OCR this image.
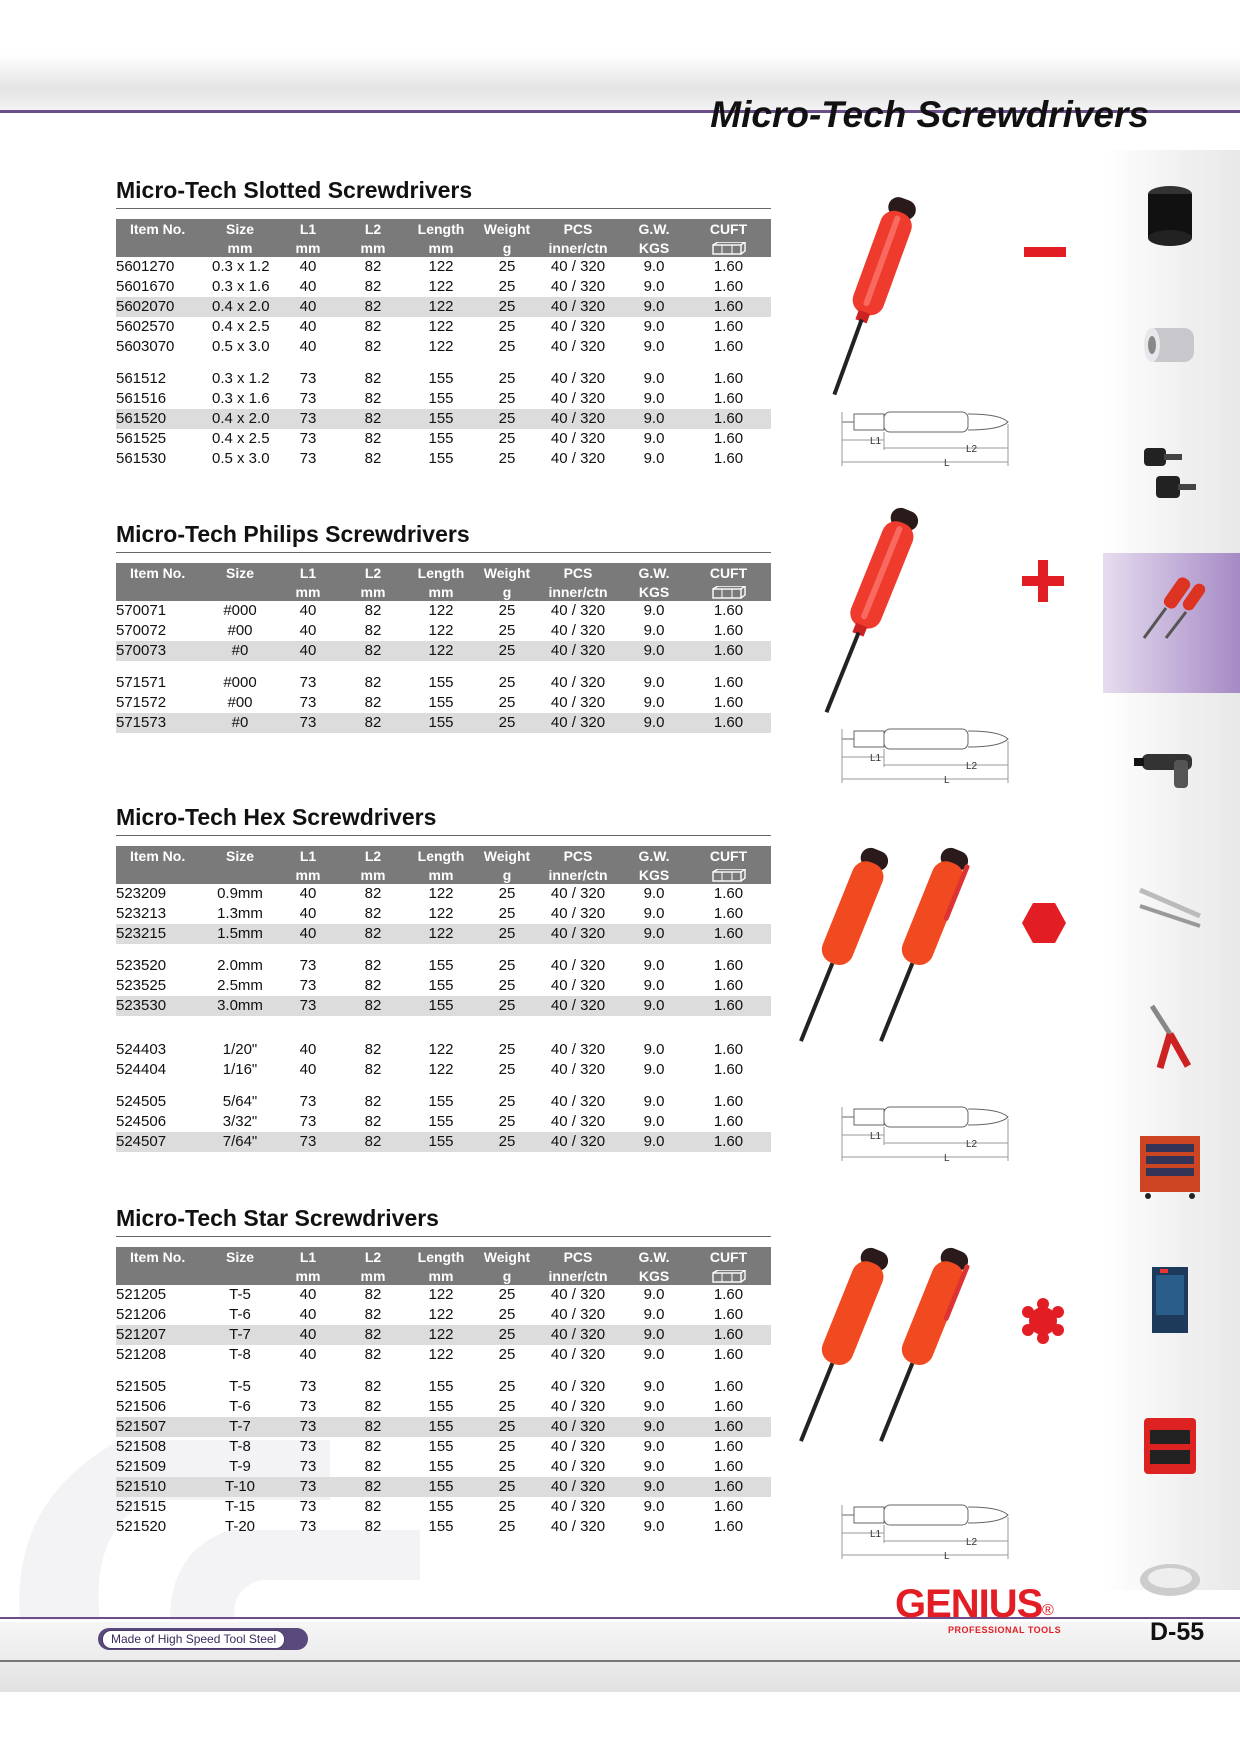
Micro-Tech Screwdrivers
Micro-Tech Slotted Screwdrivers
Item No.	Size	L1	L2	Length	Weight	PCS	G.W.	CUFT
	mm	mm	mm	mm	g	inner/ctn	KGS	
5601270	0.3 x 1.2	40	82	122	25	40 / 320	9.0	1.60
5601670	0.3 x 1.6	40	82	122	25	40 / 320	9.0	1.60
5602070	0.4 x 2.0	40	82	122	25	40 / 320	9.0	1.60
5602570	0.4 x 2.5	40	82	122	25	40 / 320	9.0	1.60
5603070	0.5 x 3.0	40	82	122	25	40 / 320	9.0	1.60

561512	0.3 x 1.2	73	82	155	25	40 / 320	9.0	1.60
561516	0.3 x 1.6	73	82	155	25	40 / 320	9.0	1.60
561520	0.4 x 2.0	73	82	155	25	40 / 320	9.0	1.60
561525	0.4 x 2.5	73	82	155	25	40 / 320	9.0	1.60
561530	0.5 x 3.0	73	82	155	25	40 / 320	9.0	1.60
Micro-Tech Philips Screwdrivers
Item No.	Size	L1	L2	Length	Weight	PCS	G.W.	CUFT
		mm	mm	mm	g	inner/ctn	KGS	
570071	#000	40	82	122	25	40 / 320	9.0	1.60
570072	#00	40	82	122	25	40 / 320	9.0	1.60
570073	#0	40	82	122	25	40 / 320	9.0	1.60

571571	#000	73	82	155	25	40 / 320	9.0	1.60
571572	#00	73	82	155	25	40 / 320	9.0	1.60
571573	#0	73	82	155	25	40 / 320	9.0	1.60
Micro-Tech Hex Screwdrivers
Item No.	Size	L1	L2	Length	Weight	PCS	G.W.	CUFT
		mm	mm	mm	g	inner/ctn	KGS	
523209	0.9mm	40	82	122	25	40 / 320	9.0	1.60
523213	1.3mm	40	82	122	25	40 / 320	9.0	1.60
523215	1.5mm	40	82	122	25	40 / 320	9.0	1.60

523520	2.0mm	73	82	155	25	40 / 320	9.0	1.60
523525	2.5mm	73	82	155	25	40 / 320	9.0	1.60
523530	3.0mm	73	82	155	25	40 / 320	9.0	1.60

524403	1/20"	40	82	122	25	40 / 320	9.0	1.60
524404	1/16"	40	82	122	25	40 / 320	9.0	1.60

524505	5/64"	73	82	155	25	40 / 320	9.0	1.60
524506	3/32"	73	82	155	25	40 / 320	9.0	1.60
524507	7/64"	73	82	155	25	40 / 320	9.0	1.60
Micro-Tech Star Screwdrivers
Item No.	Size	L1	L2	Length	Weight	PCS	G.W.	CUFT
		mm	mm	mm	g	inner/ctn	KGS	
521205	T-5	40	82	122	25	40 / 320	9.0	1.60
521206	T-6	40	82	122	25	40 / 320	9.0	1.60
521207	T-7	40	82	122	25	40 / 320	9.0	1.60
521208	T-8	40	82	122	25	40 / 320	9.0	1.60

521505	T-5	73	82	155	25	40 / 320	9.0	1.60
521506	T-6	73	82	155	25	40 / 320	9.0	1.60
521507	T-7	73	82	155	25	40 / 320	9.0	1.60
521508	T-8	73	82	155	25	40 / 320	9.0	1.60
521509	T-9	73	82	155	25	40 / 320	9.0	1.60
521510	T-10	73	82	155	25	40 / 320	9.0	1.60
521515	T-15	73	82	155	25	40 / 320	9.0	1.60
521520	T-20	73	82	155	25	40 / 320	9.0	1.60
L1
L2
L
L1
L2
L
L1
L2
L
L1
L2
L
Made of High Speed Tool Steel
GENIUS ®
PROFESSIONAL TOOLS	D-55
